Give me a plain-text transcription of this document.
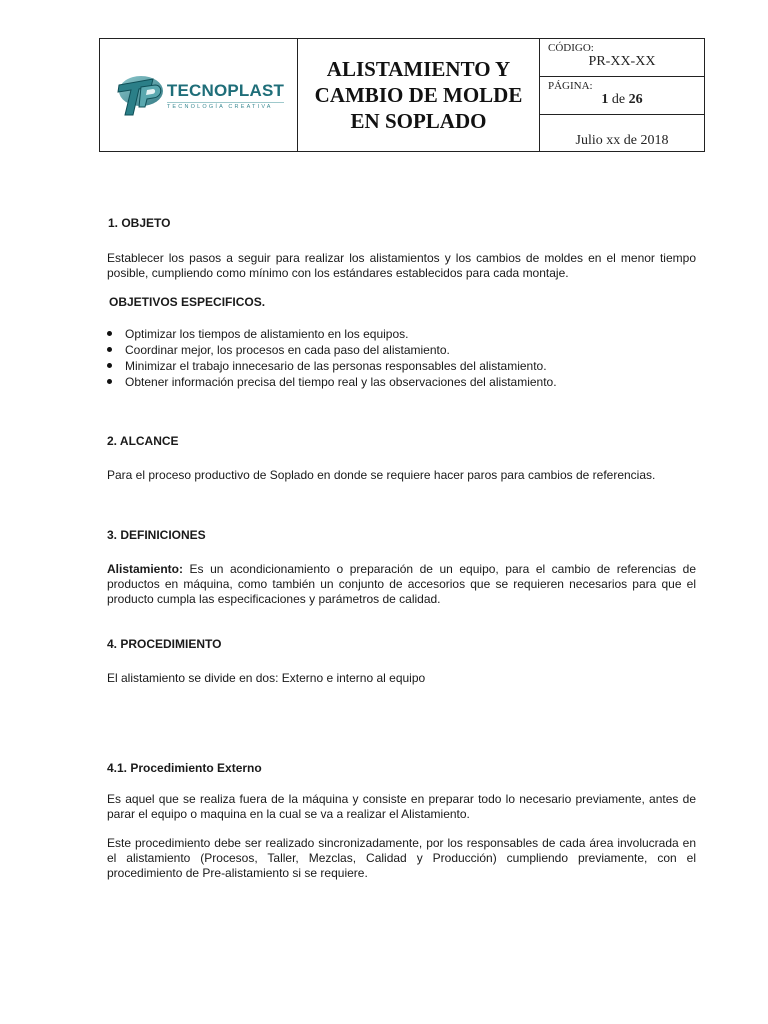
TECNOPLAST
TECNOLOGÍA CREATIVA

ALISTAMIENTO Y
CAMBIO DE MOLDE
EN SOPLADO

CÓDIGO:
PR-XX-XX
PÁGINA:
1 de 26
Julio xx de 2018

1. OBJETO

Establecer los pasos a seguir para realizar los alistamientos y los cambios de moldes en el menor tiempo posible, cumpliendo como mínimo con los estándares establecidos para cada montaje.

OBJETIVOS ESPECIFICOS.

Optimizar los tiempos de alistamiento en los equipos.
Coordinar mejor, los procesos en cada paso del alistamiento.
Minimizar el trabajo innecesario de las personas responsables del alistamiento.
Obtener información precisa del tiempo real y las observaciones del alistamiento.

2. ALCANCE

Para el proceso productivo de Soplado en donde se requiere hacer paros para cambios de referencias.

3. DEFINICIONES

Alistamiento: Es un acondicionamiento o preparación de un equipo, para el cambio de referencias de productos en máquina, como también un conjunto de accesorios que se requieren necesarios para que el producto cumpla las especificaciones y parámetros de calidad.

4. PROCEDIMIENTO

El alistamiento se divide en dos: Externo e interno al equipo

4.1. Procedimiento Externo

Es aquel que se realiza fuera de la máquina y consiste en preparar todo lo necesario previamente, antes de parar el equipo o maquina en la cual se va a realizar el Alistamiento.

Este procedimiento debe ser realizado sincronizadamente, por los responsables de cada área involucrada en el alistamiento (Procesos, Taller, Mezclas, Calidad y Producción) cumpliendo previamente, con el procedimiento de Pre-alistamiento si se requiere.
